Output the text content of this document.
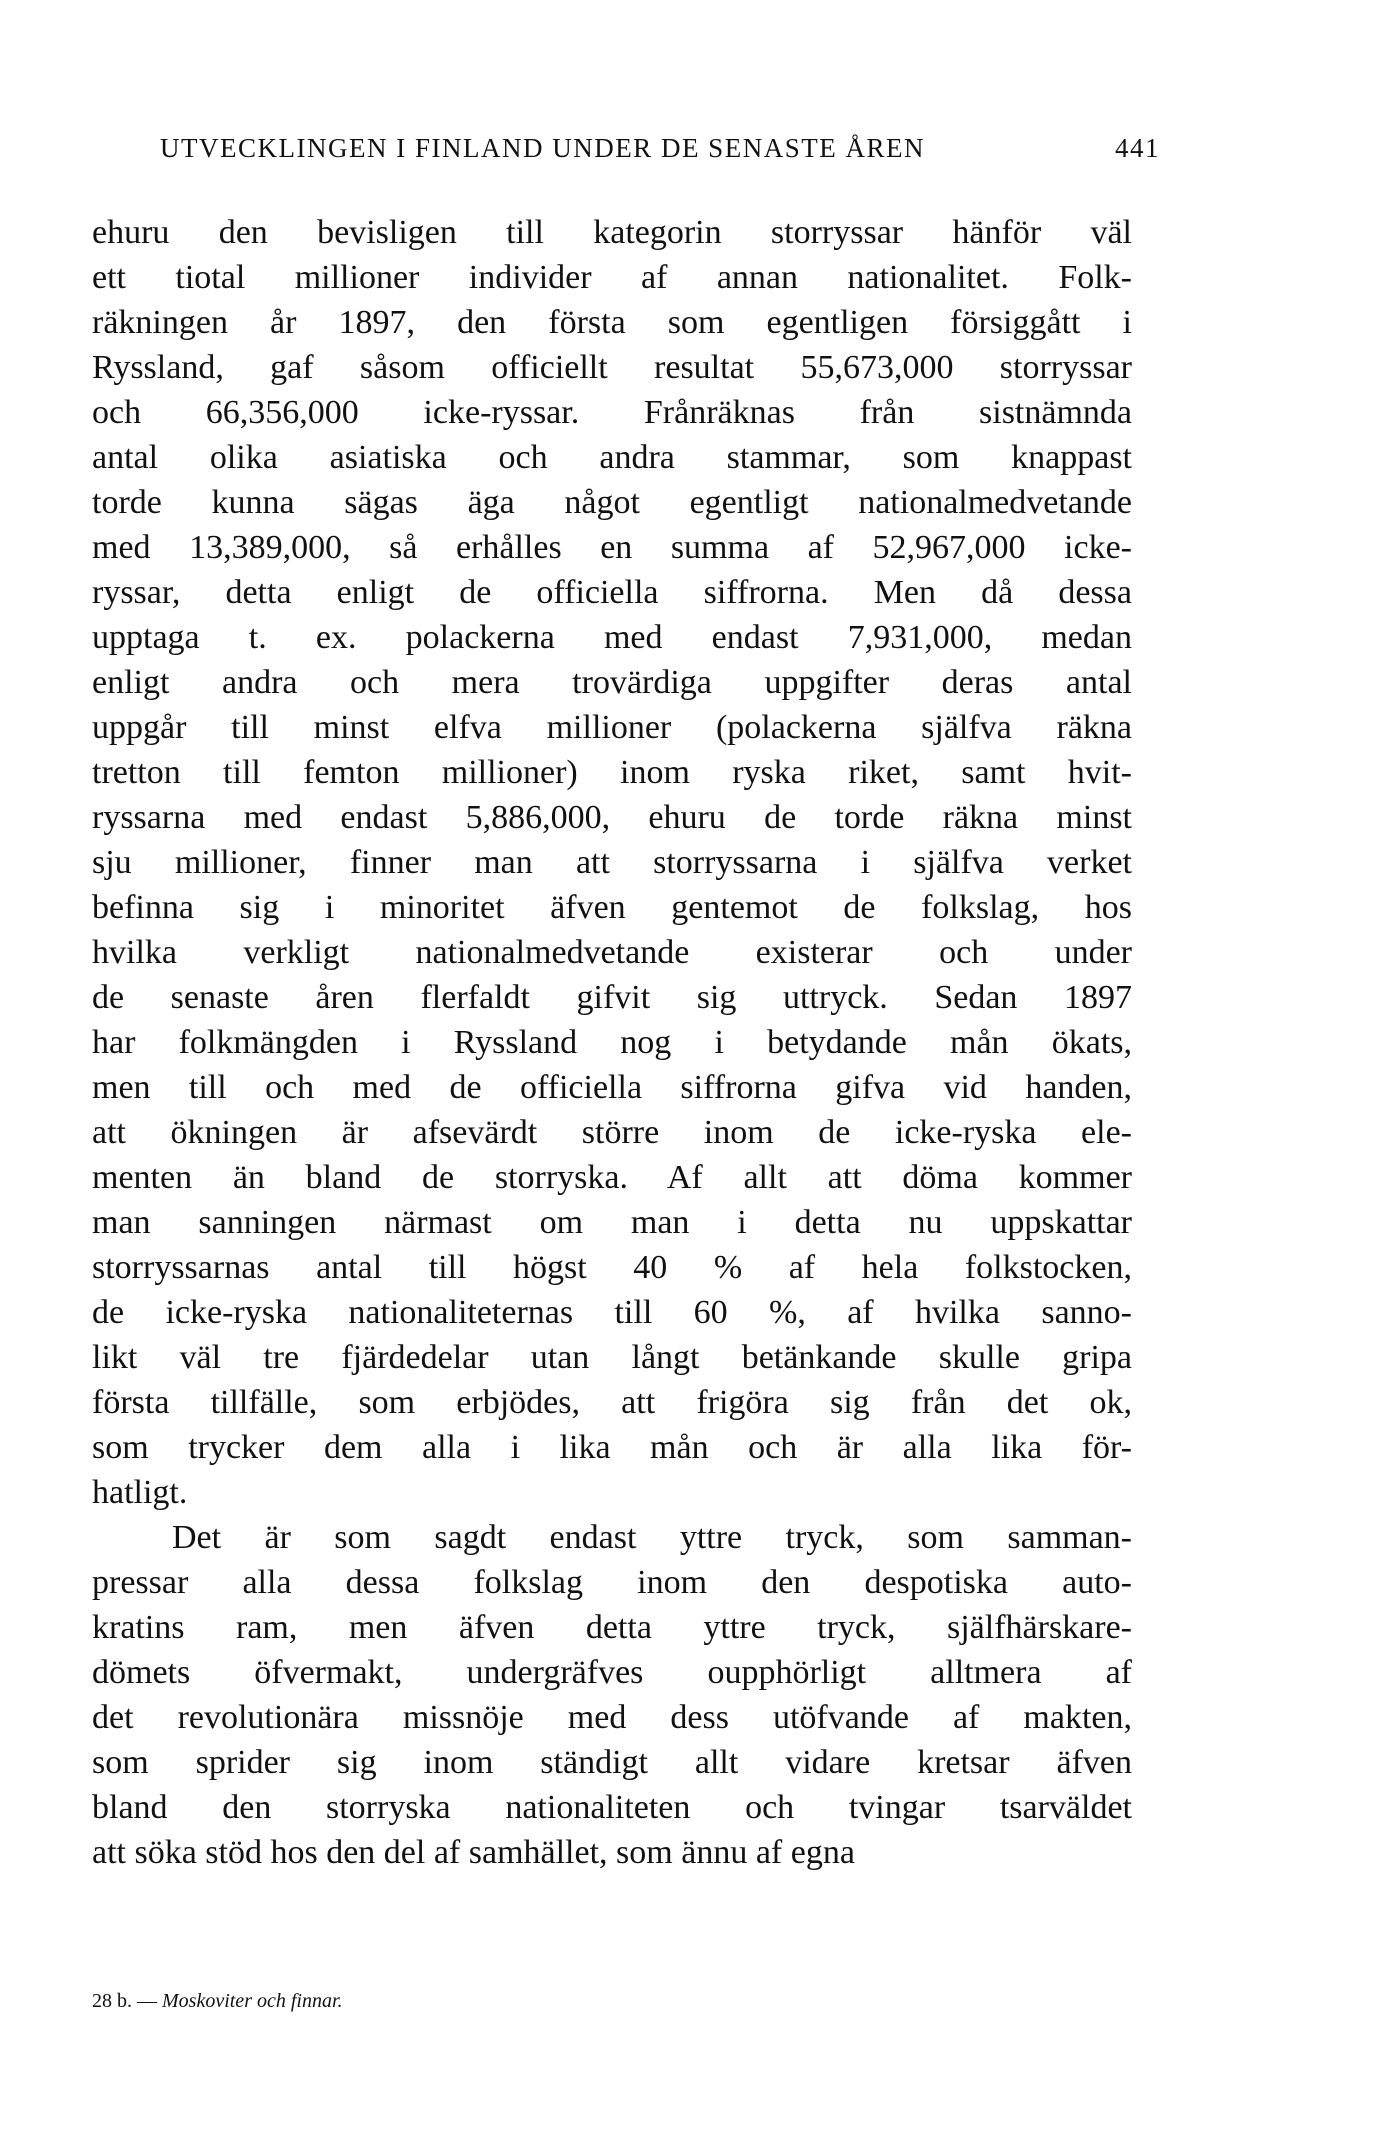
UTVECKLINGEN I FINLAND UNDER DE SENASTE ÅREN	441
ehuru den bevisligen till kategorin storryssar hänför väl
ett tiotal millioner individer af annan nationalitet. Folk-
räkningen år 1897, den första som egentligen försiggått i
Ryssland, gaf såsom officiellt resultat 55,673,000 storryssar
och 66,356,000 icke-ryssar. Frånräknas från sistnämnda
antal olika asiatiska och andra stammar, som knappast
torde kunna sägas äga något egentligt nationalmedvetande
med 13,389,000, så erhålles en summa af 52,967,000 icke-
ryssar, detta enligt de officiella siffrorna. Men då dessa
upptaga t. ex. polackerna med endast 7,931,000, medan
enligt andra och mera trovärdiga uppgifter deras antal
uppgår till minst elfva millioner (polackerna själfva räkna
tretton till femton millioner) inom ryska riket, samt hvit-
ryssarna med endast 5,886,000, ehuru de torde räkna minst
sju millioner, finner man att storryssarna i själfva verket
befinna sig i minoritet äfven gentemot de folkslag, hos
hvilka verkligt nationalmedvetande existerar och under
de senaste åren flerfaldt gifvit sig uttryck. Sedan 1897
har folkmängden i Ryssland nog i betydande mån ökats,
men till och med de officiella siffrorna gifva vid handen,
att ökningen är afsevärdt större inom de icke-ryska ele-
menten än bland de storryska. Af allt att döma kommer
man sanningen närmast om man i detta nu uppskattar
storryssarnas antal till högst 40 % af hela folkstocken,
de icke-ryska nationaliteternas till 60 %, af hvilka sanno-
likt väl tre fjärdedelar utan långt betänkande skulle gripa
första tillfälle, som erbjödes, att frigöra sig från det ok,
som trycker dem alla i lika mån och är alla lika för-
hatligt.
Det är som sagdt endast yttre tryck, som samman-
pressar alla dessa folkslag inom den despotiska auto-
kratins ram, men äfven detta yttre tryck, själfhärskare-
dömets öfvermakt, undergräfves oupphörligt alltmera af
det revolutionära missnöje med dess utöfvande af makten,
som sprider sig inom ständigt allt vidare kretsar äfven
bland den storryska nationaliteten och tvingar tsarväldet
att söka stöd hos den del af samhället, som ännu af egna
28 b. — Moskoviter och finnar.
